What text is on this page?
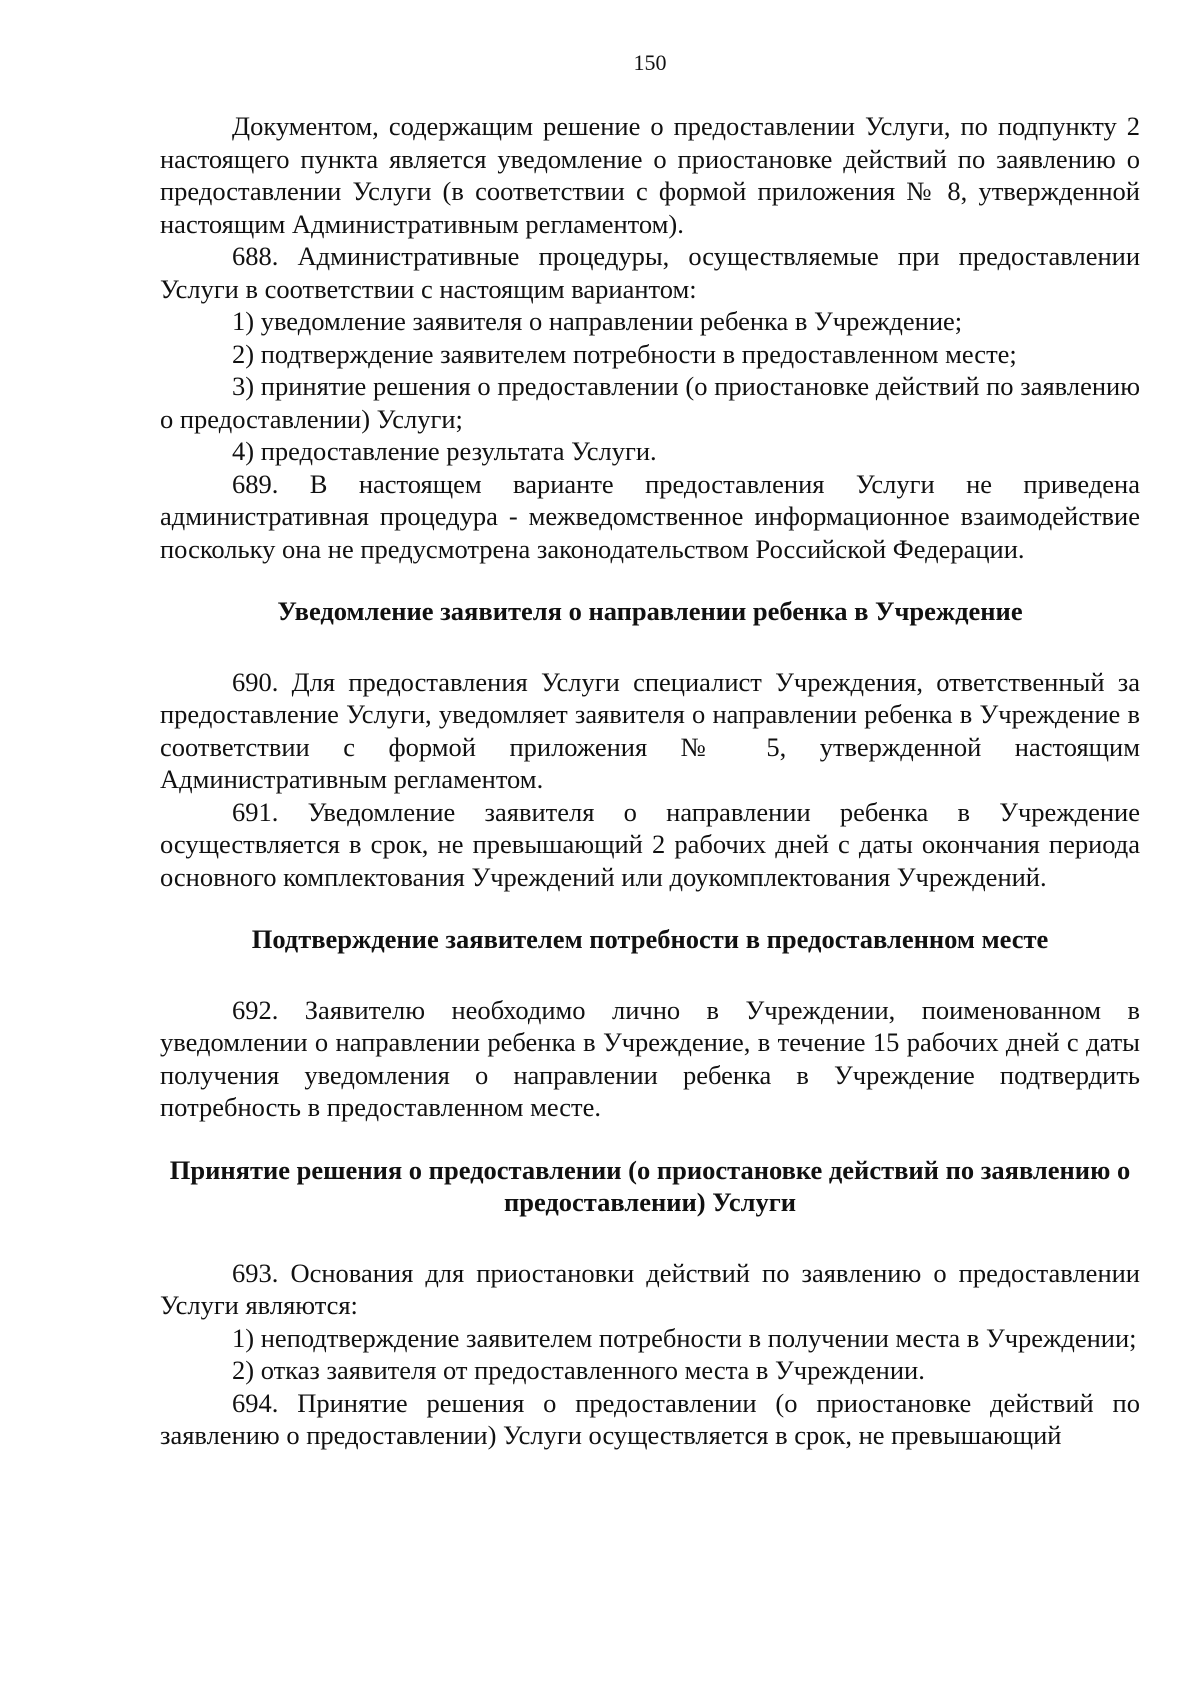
150

Документом, содержащим решение о предоставлении Услуги, по подпункту 2 настоящего пункта является уведомление о приостановке действий по заявлению о предоставлении Услуги (в соответствии с формой приложения № 8, утвержденной настоящим Административным регламентом).

688. Административные процедуры, осуществляемые при предоставлении Услуги в соответствии с настоящим вариантом:

1) уведомление заявителя о направлении ребенка в Учреждение;

2) подтверждение заявителем потребности в предоставленном месте;

3) принятие решения о предоставлении (о приостановке действий по заявлению о предоставлении) Услуги;

4) предоставление результата Услуги.

689. В настоящем варианте предоставления Услуги не приведена административная процедура - межведомственное информационное взаимодействие поскольку она не предусмотрена законодательством Российской Федерации.

Уведомление заявителя о направлении ребенка в Учреждение

690. Для предоставления Услуги специалист Учреждения, ответственный за предоставление Услуги, уведомляет заявителя о направлении ребенка в Учреждение в соответствии с формой приложения № 5, утвержденной настоящим Административным регламентом.

691. Уведомление заявителя о направлении ребенка в Учреждение осуществляется в срок, не превышающий 2 рабочих дней с даты окончания периода основного комплектования Учреждений или доукомплектования Учреждений.

Подтверждение заявителем потребности в предоставленном месте

692. Заявителю необходимо лично в Учреждении, поименованном в уведомлении о направлении ребенка в Учреждение, в течение 15 рабочих дней с даты получения уведомления о направлении ребенка в Учреждение подтвердить потребность в предоставленном месте.

Принятие решения о предоставлении (о приостановке действий по заявлению о предоставлении) Услуги

693. Основания для приостановки действий по заявлению о предоставлении Услуги являются:

1) неподтверждение заявителем потребности в получении места в Учреждении;

2) отказ заявителя от предоставленного места в Учреждении.

694. Принятие решения о предоставлении (о приостановке действий по заявлению о предоставлении) Услуги осуществляется в срок, не превышающий
